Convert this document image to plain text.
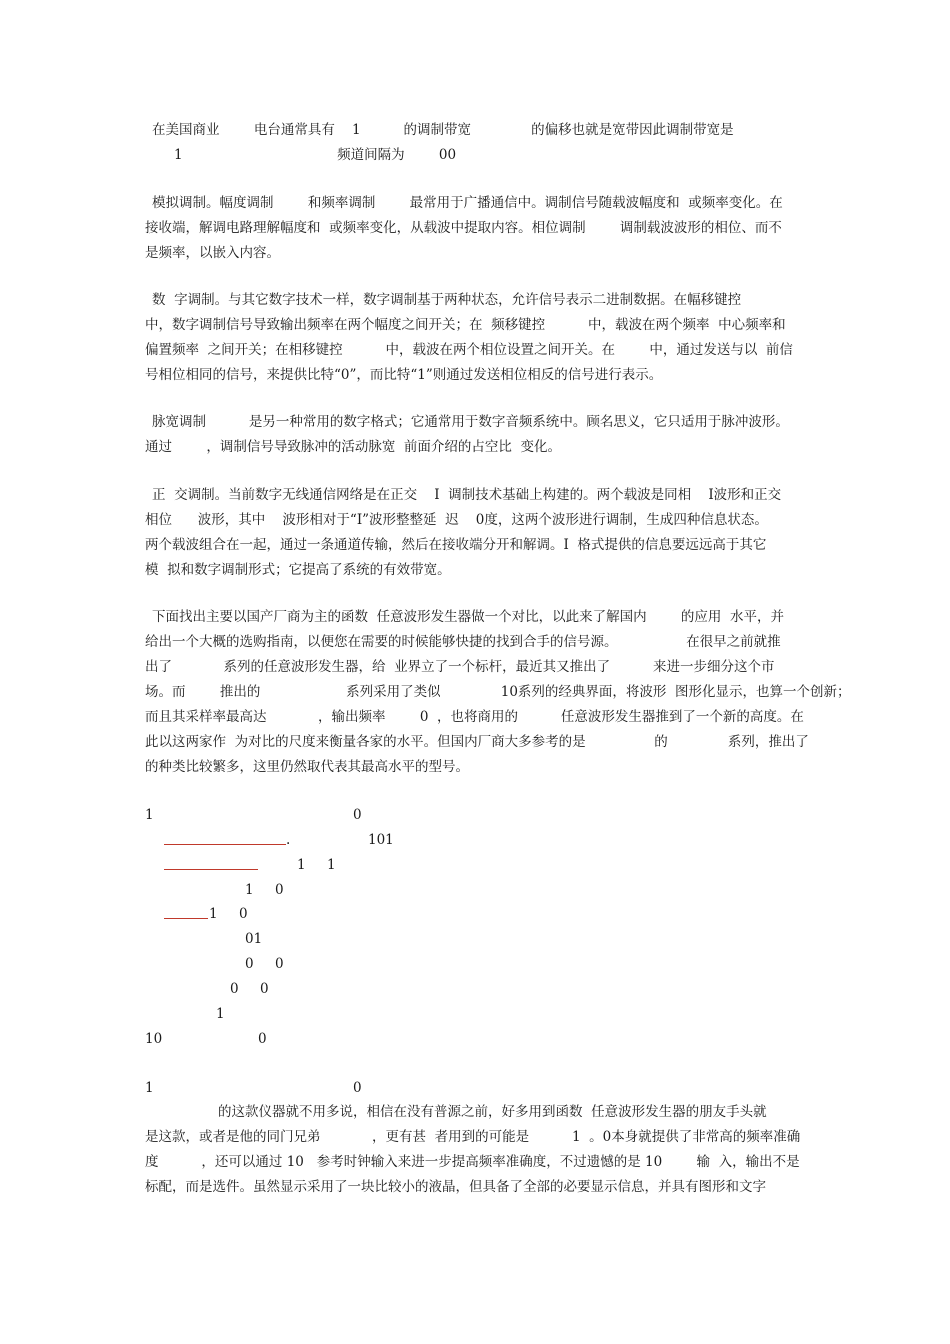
在美国商业        电台通常具有    1          的调制带宽              的偏移也就是宽带因此调制带宽是
1                                    频道间隔为        00
模拟调制。幅度调制        和频率调制        最常用于广播通信中。调制信号随载波幅度和  或频率变化。在
接收端，解调电路理解幅度和  或频率变化，从载波中提取内容。相位调制        调制载波波形的相位、而不
是频率，以嵌入内容。
数  字调制。与其它数字技术一样，数字调制基于两种状态，允许信号表示二进制数据。在幅移键控
中，数字调制信号导致输出频率在两个幅度之间开关；在  频移键控          中，载波在两个频率  中心频率和
偏置频率  之间开关；在相移键控          中，载波在两个相位设置之间开关。在        中，通过发送与以  前信
号相位相同的信号，来提供比特“0”，而比特“1”则通过发送相位相反的信号进行表示。
脉宽调制          是另一种常用的数字格式；它通常用于数字音频系统中。顾名思义，它只适用于脉冲波形。
通过        ，调制信号导致脉冲的活动脉宽  前面介绍的占空比  变化。
正  交调制。当前数字无线通信网络是在正交    I  调制技术基础上构建的。两个载波是同相    I波形和正交
相位      波形，其中    波形相对于“I”波形整整延  迟    0度，这两个波形进行调制，生成四种信息状态。
两个载波组合在一起，通过一条通道传输，然后在接收端分开和解调。I  格式提供的信息要远远高于其它
模  拟和数字调制形式；它提高了系统的有效带宽。
下面找出主要以国产厂商为主的函数  任意波形发生器做一个对比，以此来了解国内        的应用  水平，并
给出一个大概的选购指南，以便您在需要的时候能够快捷的找到合手的信号源。                在很早之前就推
出了            系列的任意波形发生器，给  业界立了一个标杆，最近其又推出了          来进一步细分这个市
场。而        推出的                    系列采用了类似              10系列的经典界面，将波形  图形化显示，也算一个创新；
而且其采样率最高达            ，输出频率        0  ，也将商用的          任意波形发生器推到了一个新的高度。在
此以这两家作  为对比的尺度来衡量各家的水平。但国内厂商大多参考的是                的              系列，推出了
的种类比较繁多，这里仍然取代表其最高水平的型号。
1	0
.	101
1     1
1     0
1     0
01
0     0
0     0
1
10	0
1	0
的这款仪器就不用多说，相信在没有普源之前，好多用到函数  任意波形发生器的朋友手头就
是这款，或者是他的同门兄弟            ，更有甚  者用到的可能是          1  。0本身就提供了非常高的频率准确
度          ，还可以通过 10   参考时钟输入来进一步提高频率准确度，不过遗憾的是 10        输  入，输出不是
标配，而是选件。虽然显示采用了一块比较小的液晶，但具备了全部的必要显示信息，并具有图形和文字
